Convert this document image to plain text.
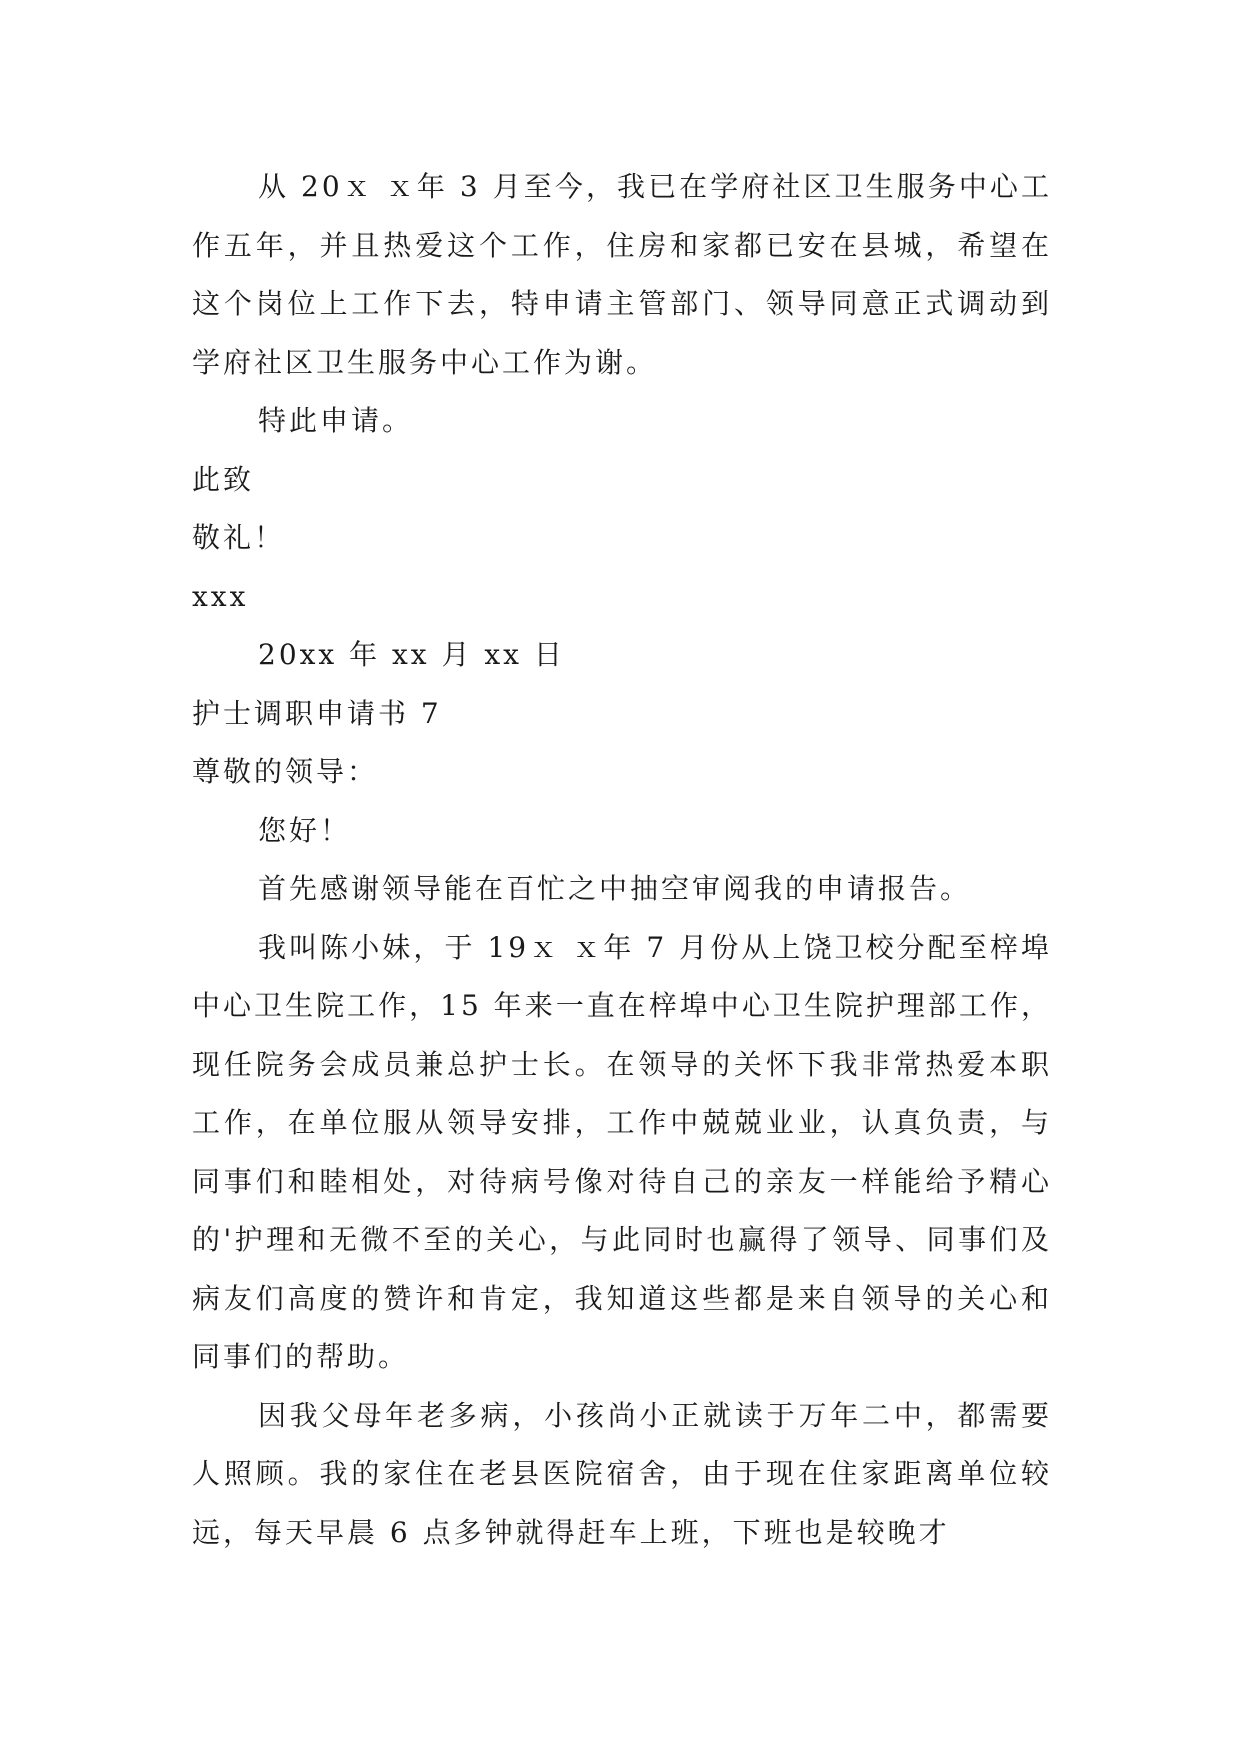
从 20ｘ ｘ年 3 月至今，我已在学府社区卫生服务中心工作五年，并且热爱这个工作，住房和家都已安在县城，希望在这个岗位上工作下去，特申请主管部门、领导同意正式调动到学府社区卫生服务中心工作为谢。

特此申请。

此致

敬礼！

xxx

20xx 年 xx 月 xx 日

护士调职申请书 7

尊敬的领导：

您好！

首先感谢领导能在百忙之中抽空审阅我的申请报告。

我叫陈小妹，于 19ｘ ｘ年 7 月份从上饶卫校分配至梓埠中心卫生院工作，15 年来一直在梓埠中心卫生院护理部工作，现任院务会成员兼总护士长。在领导的关怀下我非常热爱本职工作，在单位服从领导安排，工作中兢兢业业，认真负责，与同事们和睦相处，对待病号像对待自己的亲友一样能给予精心的'护理和无微不至的关心，与此同时也赢得了领导、同事们及病友们高度的赞许和肯定，我知道这些都是来自领导的关心和同事们的帮助。

因我父母年老多病，小孩尚小正就读于万年二中，都需要人照顾。我的家住在老县医院宿舍，由于现在住家距离单位较远，每天早晨 6 点多钟就得赶车上班，下班也是较晚才
